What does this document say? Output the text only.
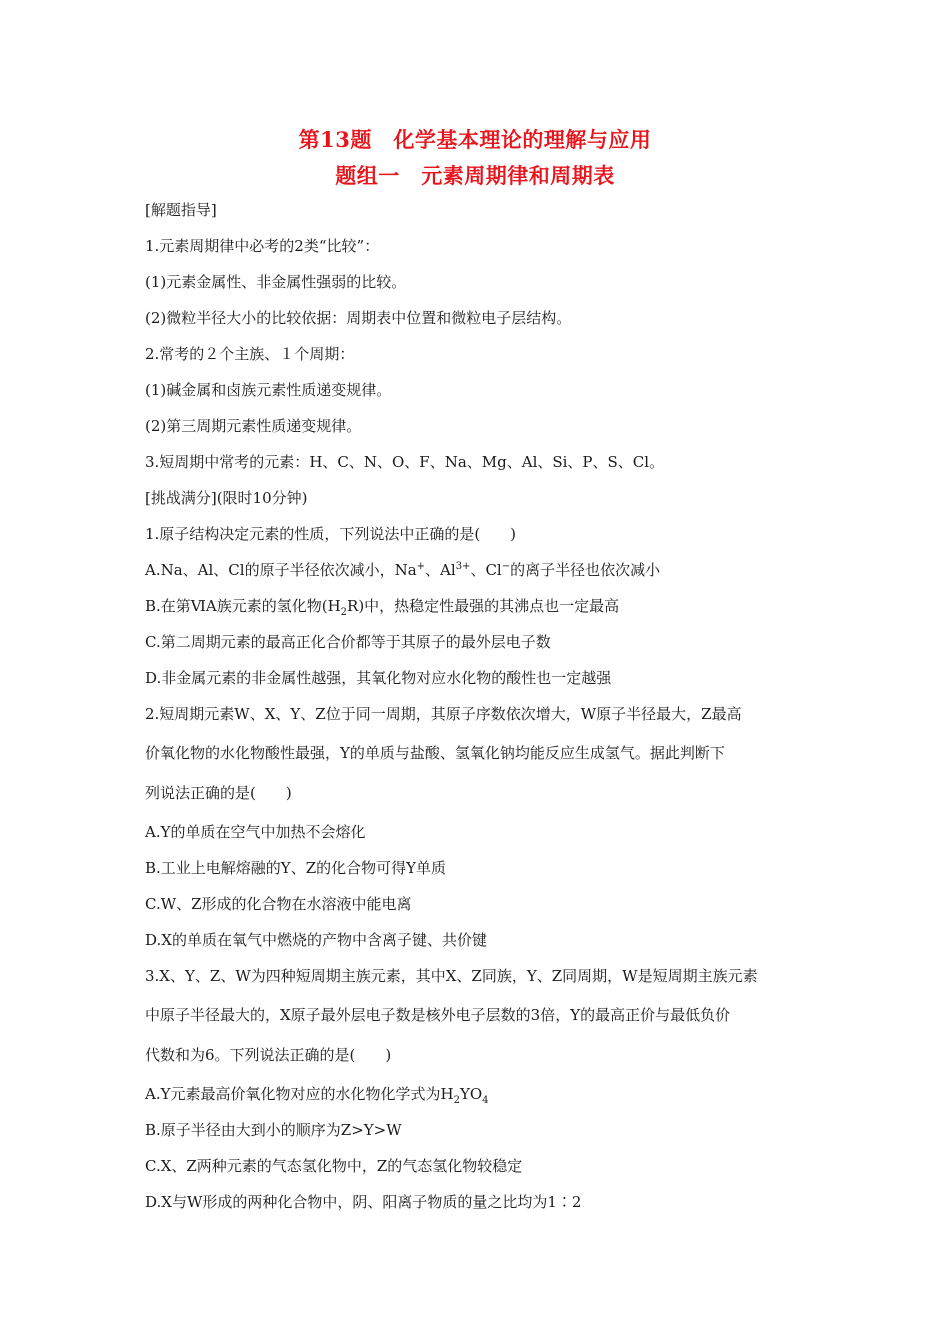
第13题　化学基本理论的理解与应用
题组一　元素周期律和周期表
[解题指导]
1.元素周期律中必考的2类“比较”：
(1)元素金属性、非金属性强弱的比较。
(2)微粒半径大小的比较依据：周期表中位置和微粒电子层结构。
2.常考的２个主族、１个周期：
(1)碱金属和卤族元素性质递变规律。
(2)第三周期元素性质递变规律。
3.短周期中常考的元素：H、C、N、O、F、Na、Mg、Al、Si、P、S、Cl。
[挑战满分](限时10分钟)
1.原子结构决定元素的性质，下列说法中正确的是(　　)
A.Na、Al、Cl的原子半径依次减小，Na+、$Al^{3+}$、Cl−的离子半径也依次减小
B.在第ⅥA族元素的氢化物$(H_2R)$中，热稳定性最强的其沸点也一定最高
C.第二周期元素的最高正化合价都等于其原子的最外层电子数
D.非金属元素的非金属性越强，其氧化物对应水化物的酸性也一定越强
2.短周期元素W、X、Y、Z位于同一周期，其原子序数依次增大，W原子半径最大，Z最高
价氧化物的水化物酸性最强，Y的单质与盐酸、氢氧化钠均能反应生成氢气。据此判断下
列说法正确的是(　　)
A.Y的单质在空气中加热不会熔化
B.工业上电解熔融的Y、Z的化合物可得Y单质
C.W、Z形成的化合物在水溶液中能电离
D.X的单质在氧气中燃烧的产物中含离子键、共价键
3.X、Y、Z、W为四种短周期主族元素，其中X、Z同族，Y、Z同周期，W是短周期主族元素
中原子半径最大的，X原子最外层电子数是核外电子层数的3倍，Y的最高正价与最低负价
代数和为6。下列说法正确的是(　　)
A.Y元素最高价氧化物对应的水化物化学式为$H_2YO_4$
B.原子半径由大到小的顺序为Z>Y>W
C.X、Z两种元素的气态氢化物中，Z的气态氢化物较稳定
D.X与W形成的两种化合物中，阴、阳离子物质的量之比均为1∶2
